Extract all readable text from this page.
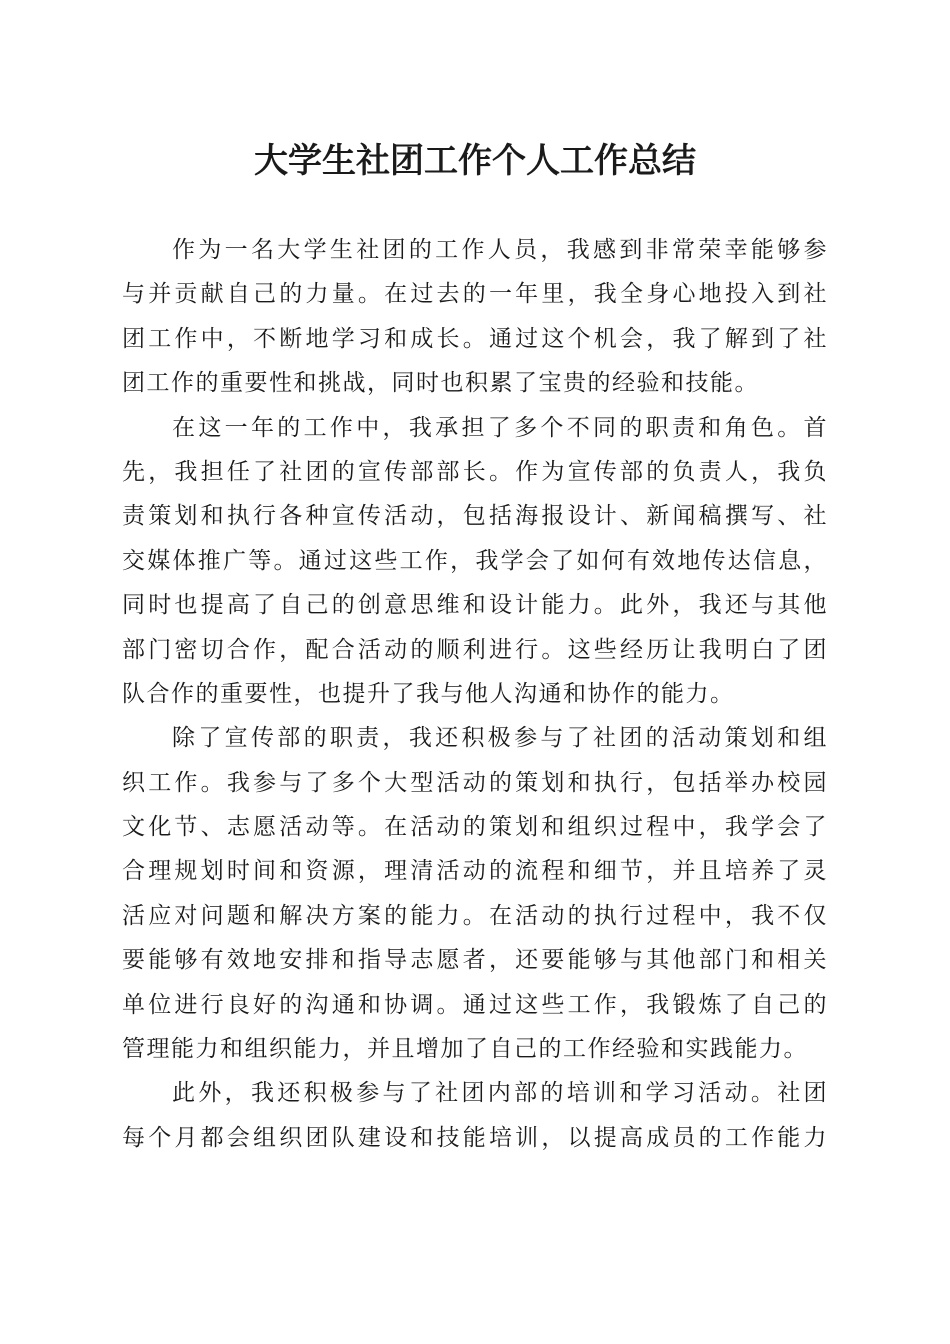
大学生社团工作个人工作总结
作为一名大学生社团的工作人员，我感到非常荣幸能够参
与并贡献自己的力量。在过去的一年里，我全身心地投入到社
团工作中，不断地学习和成长。通过这个机会，我了解到了社
团工作的重要性和挑战，同时也积累了宝贵的经验和技能。
在这一年的工作中，我承担了多个不同的职责和角色。首
先，我担任了社团的宣传部部长。作为宣传部的负责人，我负
责策划和执行各种宣传活动，包括海报设计、新闻稿撰写、社
交媒体推广等。通过这些工作，我学会了如何有效地传达信息，
同时也提高了自己的创意思维和设计能力。此外，我还与其他
部门密切合作，配合活动的顺利进行。这些经历让我明白了团
队合作的重要性，也提升了我与他人沟通和协作的能力。
除了宣传部的职责，我还积极参与了社团的活动策划和组
织工作。我参与了多个大型活动的策划和执行，包括举办校园
文化节、志愿活动等。在活动的策划和组织过程中，我学会了
合理规划时间和资源，理清活动的流程和细节，并且培养了灵
活应对问题和解决方案的能力。在活动的执行过程中，我不仅
要能够有效地安排和指导志愿者，还要能够与其他部门和相关
单位进行良好的沟通和协调。通过这些工作，我锻炼了自己的
管理能力和组织能力，并且增加了自己的工作经验和实践能力。
此外，我还积极参与了社团内部的培训和学习活动。社团
每个月都会组织团队建设和技能培训，以提高成员的工作能力
